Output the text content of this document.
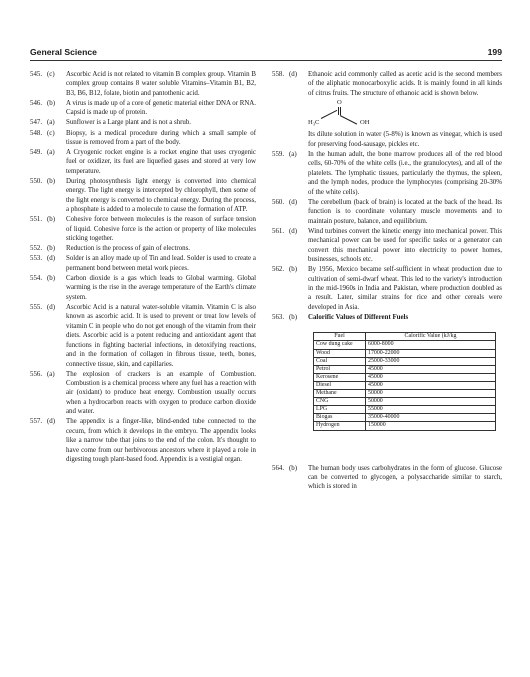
General Science	199
545. (c) Ascorbic Acid is not related to vitamin B complex group. Vitamin B complex group contains 8 water soluble Vitamins–Vitamin B1, B2, B3, B6, B12, folate, biotin and pantothenic acid.
546. (b) A virus is made up of a core of genetic material either DNA or RNA. Capsid is made up of protein.
547. (a) Sunflower is a Large plant and is not a shrub.
548. (c) Biopsy, is a medical procedure during which a small sample of tissue is removed from a part of the body.
549. (a) A Cryogenic rocket engine is a rocket engine that uses cryogenic fuel or oxidizer, its fuel are liquefied gases and stored at very low temperature.
550. (b) During photosynthesis light energy is converted into chemical energy. The light energy is intercepted by chlorophyll, then some of the light energy is converted to chemical energy. During the process, a phosphate is added to a molecule to cause the formation of ATP.
551. (b) Cohesive force between molecules is the reason of surface tension of liquid. Cohesive force is the action or property of like molecules sticking together.
552. (b) Reduction is the process of gain of electrons.
553. (d) Solder is an alloy made up of Tin and lead. Solder is used to create a permanent bond between metal work pieces.
554. (b) Carbon dioxide is a gas which leads to Global warming. Global warming is the rise in the average temperature of the Earth's climate system.
555. (d) Ascorbic Acid is a natural water-soluble vitamin. Vitamin C is also known as ascorbic acid. It is used to prevent or treat low levels of vitamin C in people who do not get enough of the vitamin from their diets. Ascorbic acid is a potent reducing and antioxidant agent that functions in fighting bacterial infections, in detoxifying reactions, and in the formation of collagen in fibrous tissue, teeth, bones, connective tissue, skin, and capillaries.
556. (a) The explosion of crackers is an example of Combustion. Combustion is a chemical process where any fuel has a reaction with air (oxidant) to produce heat energy. Combustion usually occurs when a hydrocarbon reacts with oxygen to produce carbon dioxide and water.
557. (d) The appendix is a finger-like, blind-ended tube connected to the cecum, from which it develops in the embryo. The appendix looks like a narrow tube that joins to the end of the colon. It's thought to have come from our herbivorous ancestors where it played a role in digesting tough plant-based food. Appendix is a vestigial organ.
558. (d) Ethanoic acid commonly called as acetic acid is the second members of the aliphatic monocarboxylic acids. It is mainly found in all kinds of citrus fruits. The structure of ethanoic acid is shown below.
O
H₃C	OH
Its dilute solution in water (5-8%) is known as vinegar, which is used for preserving food-sausage, pickles etc.
559. (a) In the human adult, the bone marrow produces all of the red blood cells, 60-70% of the white cells (i.e., the granulocytes), and all of the platelets. The lymphatic tissues, particularly the thymus, the spleen, and the lymph nodes, produce the lymphocytes (comprising 20-30% of the white cells).
560. (d) The cerebellum (back of brain) is located at the back of the head. Its function is to coordinate voluntary muscle movements and to maintain posture, balance, and equilibrium.
561. (d) Wind turbines convert the kinetic energy into mechanical power. This mechanical power can be used for specific tasks or a generator can convert this mechanical power into electricity to power homes, businesses, schools etc.
562. (b) By 1956, Mexico became self-sufficient in wheat production due to cultivation of semi-dwarf wheat. This led to the variety's introduction in the mid-1960s in India and Pakistan, where production doubled as a result. Later, similar strains for rice and other cereals were developed in Asia.
563. (b) Calorific Values of Different Fuels
Fuel	Calorific Value (kJ/kg
Cow dung cake	6000-8000
Wood	17000-22000
Coal	25000-33000
Petrol	45000
Kerosene	45000
Diesel	45000
Methane	50000
CNG	50000
LPG	55000
Biogas	35000-40000
Hydrogen	150000
564. (b) The human body uses carbohydrates in the form of glucose. Glucose can be converted to glycogen, a polysaccharide similar to starch, which is stored in
